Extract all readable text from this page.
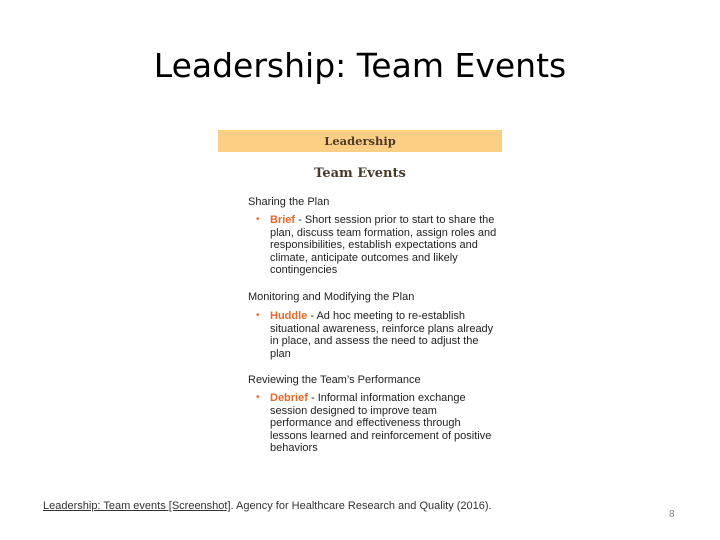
Leadership: Team Events
Leadership
Team Events
Sharing the Plan
• Brief - Short session prior to start to share the plan, discuss team formation, assign roles and responsibilities, establish expectations and climate, anticipate outcomes and likely contingencies
Monitoring and Modifying the Plan
• Huddle - Ad hoc meeting to re-establish situational awareness, reinforce plans already in place, and assess the need to adjust the plan
Reviewing the Team’s Performance
• Debrief - Informal information exchange session designed to improve team performance and effectiveness through lessons learned and reinforcement of positive behaviors
Leadership: Team events [Screenshot]. Agency for Healthcare Research and Quality (2016).
8
